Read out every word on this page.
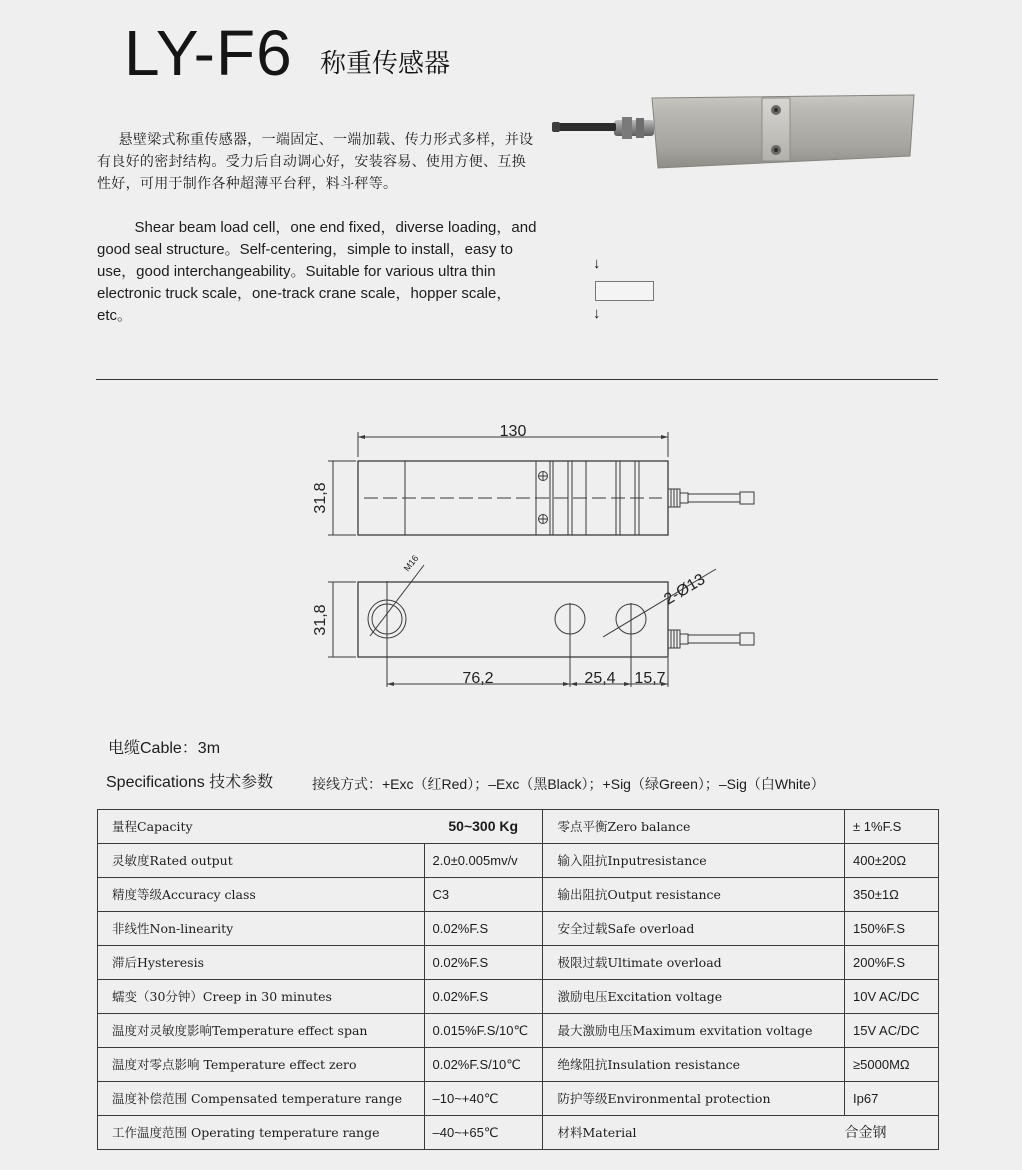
LY-F6 称重传感器

  悬壁梁式称重传感器，一端固定、一端加载、传力形式多样，并设有良好的密封结构。受力后自动调心好，安装容易、使用方便、互换性好，可用于制作各种超薄平台秤，料斗秤等。

   Shear beam load cell，one end fixed，diverse loading，and good seal structure。Self-centering，simple to install，easy to use，good interchangeability。Suitable for various ultra thin electronic truck scale，one-track crane scale，hopper scale，etc。

↓
↓
130
31,8
31,8
M16
2-Ø13
76,2	25,4 15,7
电缆Cable：3m
Specifications 技术参数	接线方式：+Exc（红Red）；–Exc（黑Black）；+Sig（绿Green）；–Sig（白White）
量程Capacity	50~300 Kg	零点平衡Zero balance	± 1%F.S
灵敏度Rated output	2.0±0.005mv/v	输入阻抗Inputresistance	400±20Ω
精度等级Accuracy class	C3	输出阻抗Output resistance	350±1Ω
非线性Non-linearity	0.02%F.S	安全过载Safe overload	150%F.S
滞后Hysteresis	0.02%F.S	极限过载Ultimate overload	200%F.S
蠕变（30分钟）Creep in 30 minutes	0.02%F.S	激励电压Excitation voltage	10V AC/DC
温度对灵敏度影响Temperature effect span	0.015%F.S/10℃	最大激励电压Maximum exvitation voltage	15V AC/DC
温度对零点影响 Temperature effect zero	0.02%F.S/10℃	绝缘阻抗Insulation resistance	≥5000MΩ
温度补偿范围 Compensated temperature range	–10~+40℃	防护等级Environmental protection	Ip67
工作温度范围 Operating temperature range	–40~+65℃	材料Material	合金钢
